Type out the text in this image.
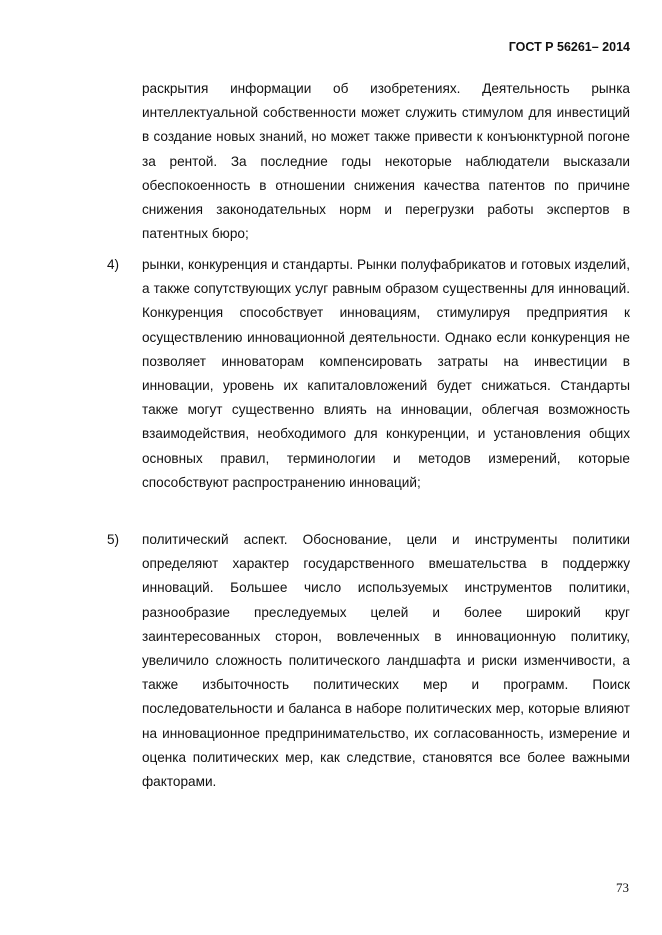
ГОСТ Р 56261– 2014

раскрытия информации об изобретениях. Деятельность рынка интеллектуальной собственности может служить стимулом для инвестиций в создание новых знаний, но может также привести к конъюнктурной погоне за рентой. За последние годы некоторые наблюдатели высказали обеспокоенность в отношении снижения качества патентов по причине снижения законодательных норм и перегрузки работы экспертов в патентных бюро;

4) рынки, конкуренция и стандарты. Рынки полуфабрикатов и готовых изделий, а также сопутствующих услуг равным образом существенны для инноваций. Конкуренция способствует инновациям, стимулируя предприятия к осуществлению инновационной деятельности. Однако если конкуренция не позволяет инноваторам компенсировать затраты на инвестиции в инновации, уровень их капиталовложений будет снижаться. Стандарты также могут существенно влиять на инновации, облегчая возможность взаимодействия, необходимого для конкуренции, и установления общих основных правил, терминологии и методов измерений, которые способствуют распространению инноваций;

5) политический аспект. Обоснование, цели и инструменты политики определяют характер государственного вмешательства в поддержку инноваций. Большее число используемых инструментов политики, разнообразие преследуемых целей и более широкий круг заинтересованных сторон, вовлеченных в инновационную политику, увеличило сложность политического ландшафта и риски изменчивости, а также избыточность политических мер и программ. Поиск последовательности и баланса в наборе политических мер, которые влияют на инновационное предпринимательство, их согласованность, измерение и оценка политических мер, как следствие, становятся все более важными факторами.

73
